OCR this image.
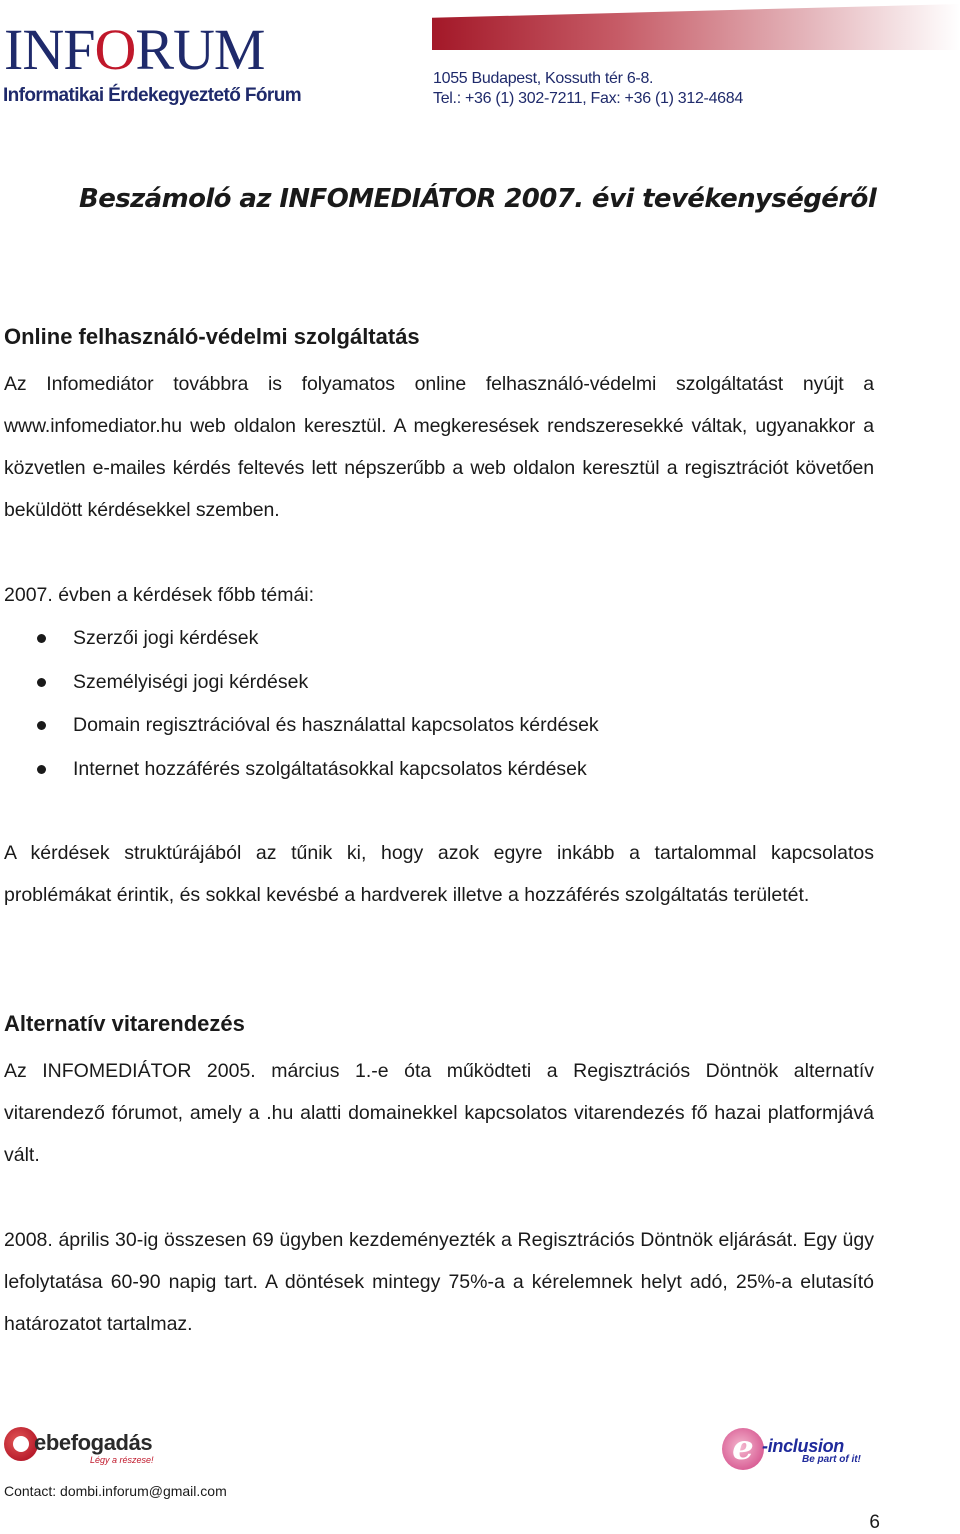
INFORUM
Informatikai Érdekegyeztető Fórum
1055 Budapest, Kossuth tér 6-8.
Tel.: +36 (1) 302-7211, Fax: +36 (1) 312-4684
Beszámoló az INFOMEDIÁTOR 2007. évi tevékenységéről
Online felhasználó-védelmi szolgáltatás
Az Infomediátor továbbra is folyamatos online felhasználó-védelmi szolgáltatást nyújt a www.infomediator.hu web oldalon keresztül. A megkeresések rendszeresekké váltak, ugyanakkor a közvetlen e-mailes kérdés feltevés lett népszerűbb a web oldalon keresztül a regisztrációt követően beküldött kérdésekkel szemben.
2007. évben a kérdések főbb témái:
Szerzői jogi kérdések
Személyiségi jogi kérdések
Domain regisztrációval és használattal kapcsolatos kérdések
Internet hozzáférés szolgáltatásokkal kapcsolatos kérdések
A kérdések struktúrájából az tűnik ki, hogy azok egyre inkább a tartalommal kapcsolatos problémákat érintik, és sokkal kevésbé a hardverek illetve a hozzáférés szolgáltatás területét.
Alternatív vitarendezés
Az INFOMEDIÁTOR 2005. március 1.-e óta működteti a Regisztrációs Döntnök alternatív vitarendező fórumot, amely a .hu alatti domainekkel kapcsolatos vitarendezés fő hazai platformjává vált.
2008. április 30-ig összesen 69 ügyben kezdeményezték a Regisztrációs Döntnök eljárását. Egy ügy lefolytatása 60-90 napig tart. A döntések mintegy 75%-a a kérelemnek helyt adó, 25%-a elutasító határozatot tartalmaz.
ebefogadás
Légy a részese!	e -inclusion
Be part of it!
Contact: dombi.inforum@gmail.com
6
